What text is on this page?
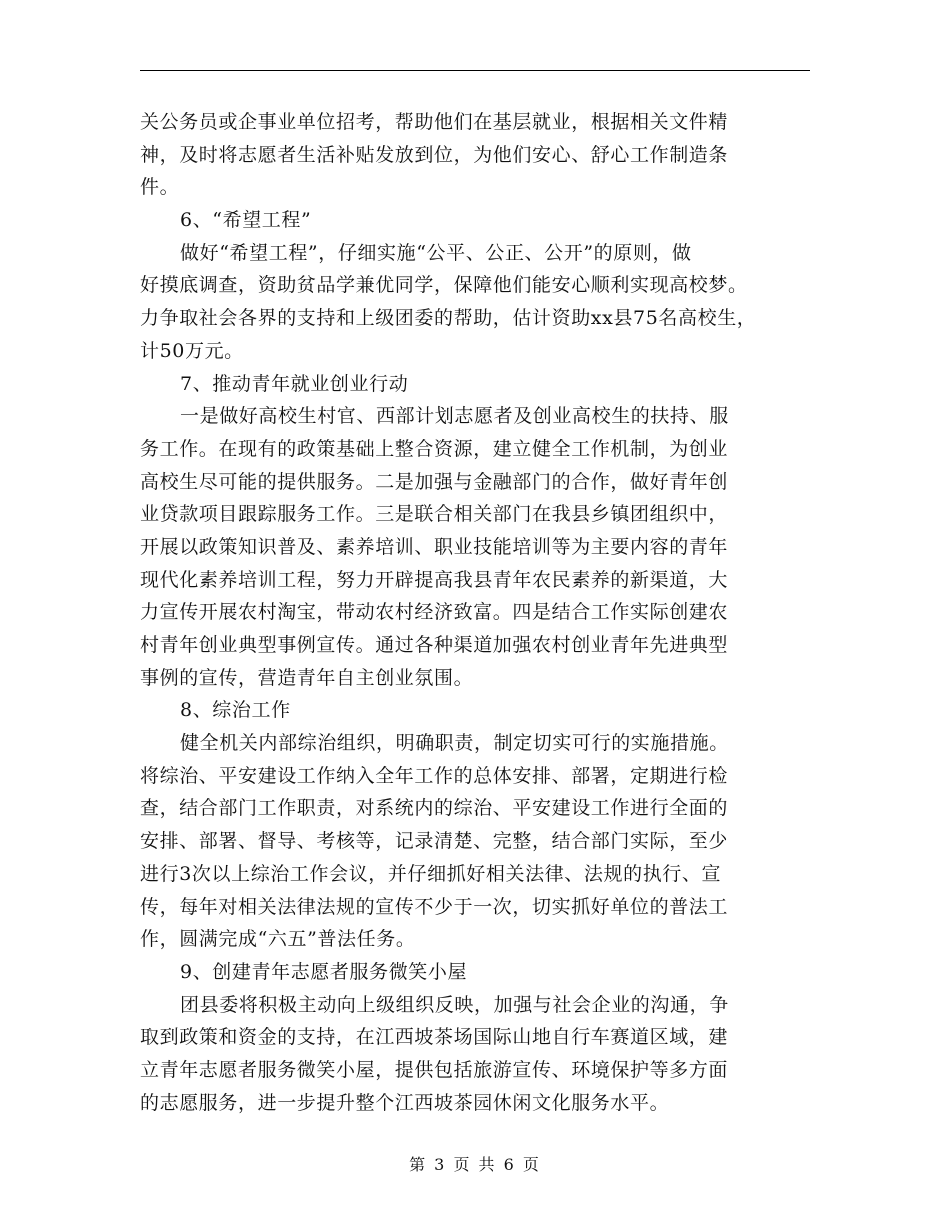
关公务员或企事业单位招考，帮助他们在基层就业，根据相关文件精
神，及时将志愿者生活补贴发放到位，为他们安心、舒心工作制造条
件。
6、“希望工程”
做好“希望工程”，仔细实施“公平、公正、公开”的原则，做
好摸底调查，资助贫品学兼优同学，保障他们能安心顺利实现高校梦。
力争取社会各界的支持和上级团委的帮助，估计资助xx县75名高校生，
计50万元。
7、推动青年就业创业行动
一是做好高校生村官、西部计划志愿者及创业高校生的扶持、服
务工作。在现有的政策基础上整合资源，建立健全工作机制，为创业
高校生尽可能的提供服务。二是加强与金融部门的合作，做好青年创
业贷款项目跟踪服务工作。三是联合相关部门在我县乡镇团组织中，
开展以政策知识普及、素养培训、职业技能培训等为主要内容的青年
现代化素养培训工程，努力开辟提高我县青年农民素养的新渠道，大
力宣传开展农村淘宝，带动农村经济致富。四是结合工作实际创建农
村青年创业典型事例宣传。通过各种渠道加强农村创业青年先进典型
事例的宣传，营造青年自主创业氛围。
8、综治工作
健全机关内部综治组织，明确职责，制定切实可行的实施措施。
将综治、平安建设工作纳入全年工作的总体安排、部署，定期进行检
查，结合部门工作职责，对系统内的综治、平安建设工作进行全面的
安排、部署、督导、考核等，记录清楚、完整，结合部门实际，至少
进行3次以上综治工作会议，并仔细抓好相关法律、法规的执行、宣
传，每年对相关法律法规的宣传不少于一次，切实抓好单位的普法工
作，圆满完成“六五”普法任务。
9、创建青年志愿者服务微笑小屋
团县委将积极主动向上级组织反映，加强与社会企业的沟通，争
取到政策和资金的支持，在江西坡茶场国际山地自行车赛道区域，建
立青年志愿者服务微笑小屋，提供包括旅游宣传、环境保护等多方面
的志愿服务，进一步提升整个江西坡茶园休闲文化服务水平。
第 3 页 共 6 页
